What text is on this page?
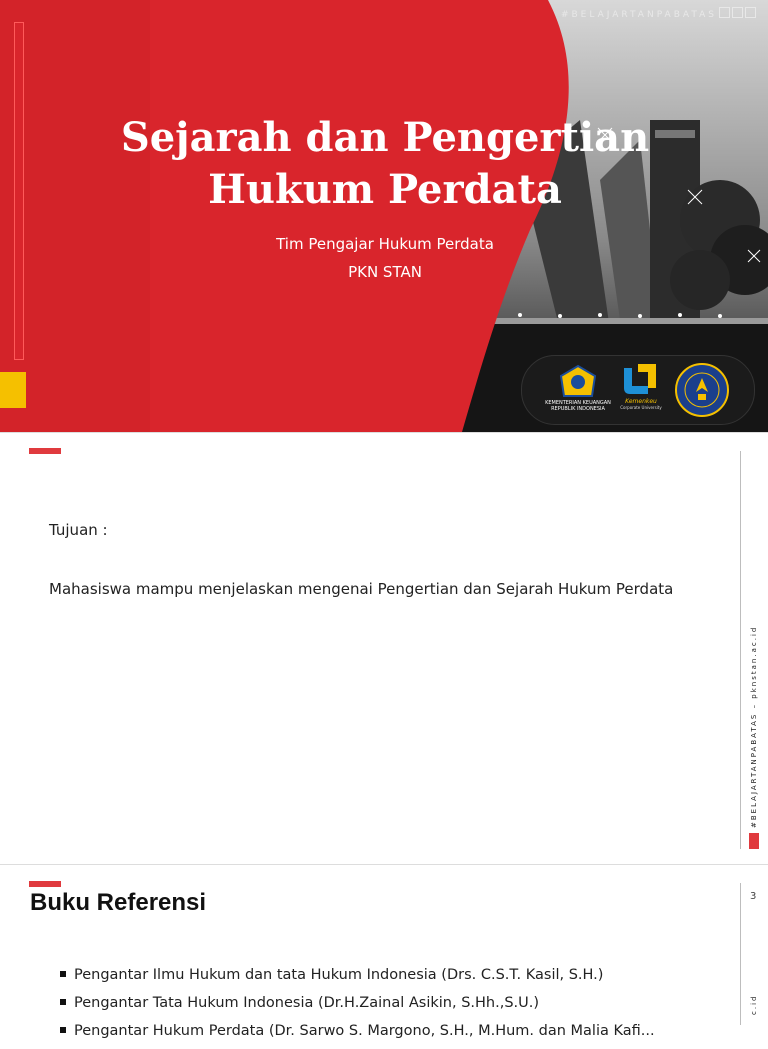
#BELAJARTANPABATAS
Sejarah dan Pengertian
Hukum Perdata
Tim Pengajar Hukum Perdata
PKN STAN
KEMENTERIAN KEUANGAN
REPUBLIK INDONESIA
Kemenkeu
Corporate University
#BELAJARTANPABATAS – pknstan.ac.id
Tujuan :
Mahasiswa mampu menjelaskan mengenai Pengertian dan Sejarah Hukum Perdata
Buku Referensi	3
c.id
Pengantar Ilmu Hukum dan tata Hukum Indonesia (Drs. C.S.T. Kasil, S.H.)
Pengantar Tata Hukum Indonesia (Dr.H.Zainal Asikin, S.Hh.,S.U.)
Pengantar Hukum Perdata (Dr. Sarwo S. Margono, S.H., M.Hum. dan Malia Kafi...
